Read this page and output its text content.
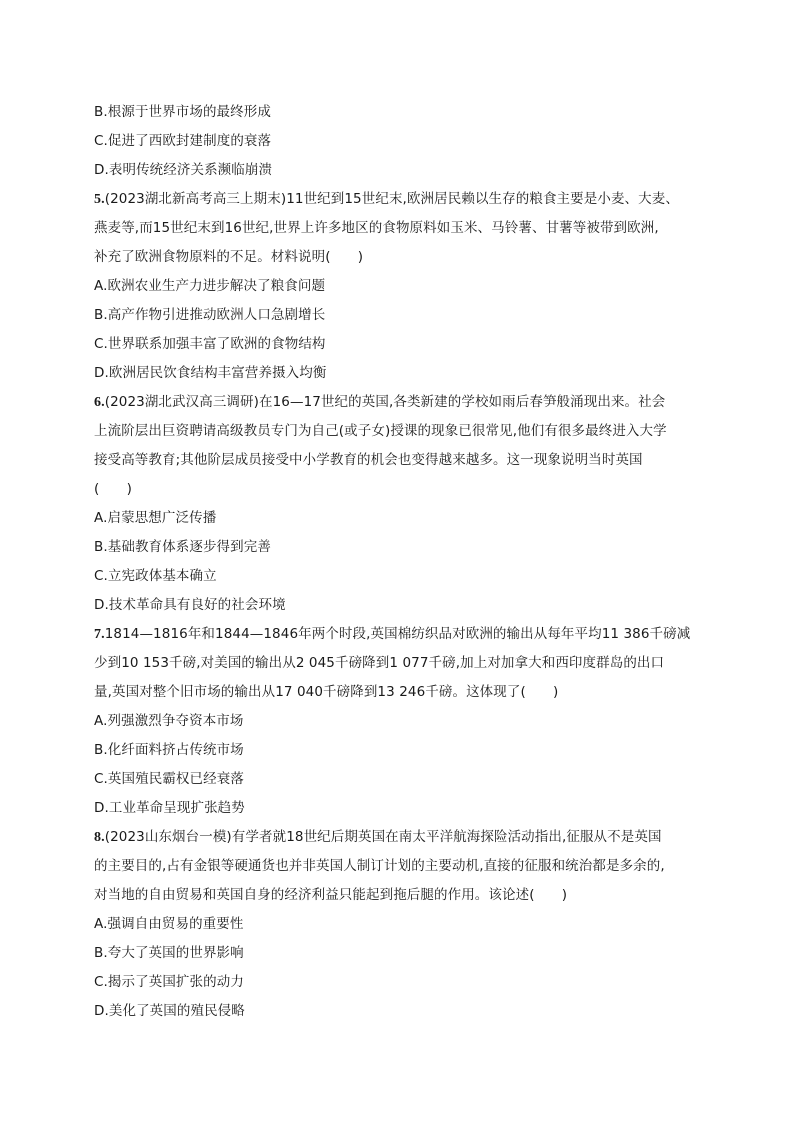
B.根源于世界市场的最终形成
C.促进了西欧封建制度的衰落
D.表明传统经济关系濒临崩溃
5.(2023湖北新高考高三上期末)11世纪到15世纪末,欧洲居民赖以生存的粮食主要是小麦、大麦、
燕麦等,而15世纪末到16世纪,世界上许多地区的食物原料如玉米、马铃薯、甘薯等被带到欧洲,
补充了欧洲食物原料的不足。材料说明(　　)
A.欧洲农业生产力进步解决了粮食问题
B.高产作物引进推动欧洲人口急剧增长
C.世界联系加强丰富了欧洲的食物结构
D.欧洲居民饮食结构丰富营养摄入均衡
6.(2023湖北武汉高三调研)在16—17世纪的英国,各类新建的学校如雨后春笋般涌现出来。社会
上流阶层出巨资聘请高级教员专门为自己(或子女)授课的现象已很常见,他们有很多最终进入大学
接受高等教育;其他阶层成员接受中小学教育的机会也变得越来越多。这一现象说明当时英国
(　　)
A.启蒙思想广泛传播
B.基础教育体系逐步得到完善
C.立宪政体基本确立
D.技术革命具有良好的社会环境
7.1814—1816年和1844—1846年两个时段,英国棉纺织品对欧洲的输出从每年平均11 386千磅减
少到10 153千磅,对美国的输出从2 045千磅降到1 077千磅,加上对加拿大和西印度群岛的出口
量,英国对整个旧市场的输出从17 040千磅降到13 246千磅。这体现了(　　)
A.列强激烈争夺资本市场
B.化纤面料挤占传统市场
C.英国殖民霸权已经衰落
D.工业革命呈现扩张趋势
8.(2023山东烟台一模)有学者就18世纪后期英国在南太平洋航海探险活动指出,征服从不是英国
的主要目的,占有金银等硬通货也并非英国人制订计划的主要动机,直接的征服和统治都是多余的,
对当地的自由贸易和英国自身的经济利益只能起到拖后腿的作用。该论述(　　)
A.强调自由贸易的重要性
B.夸大了英国的世界影响
C.揭示了英国扩张的动力
D.美化了英国的殖民侵略
